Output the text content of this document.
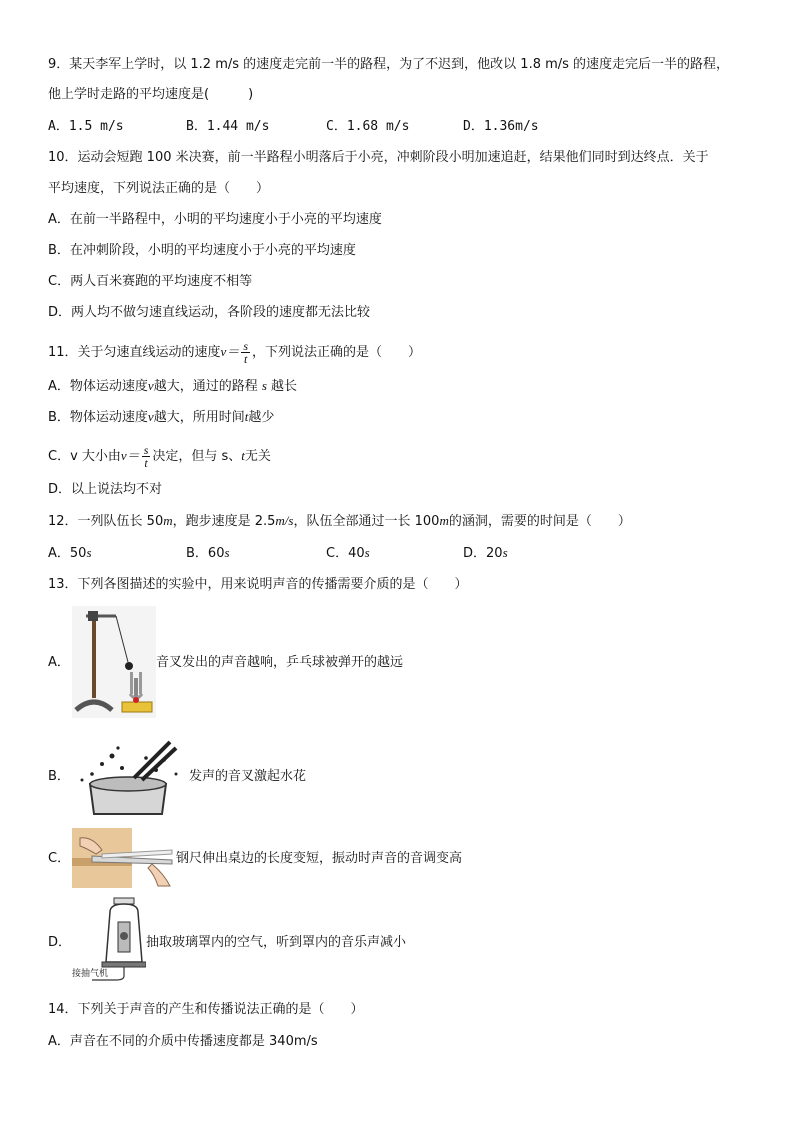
9．某天李军上学时，以 1.2 m/s 的速度走完前一半的路程，为了不迟到，他改以 1.8 m/s 的速度走完后一半的路程，
他上学时走路的平均速度是(　　　)
A．1.5 m/s	B．1.44 m/s	C．1.68 m/s	D．1.36m/s
10．运动会短跑 100 米决赛，前一半路程小明落后于小亮，冲刺阶段小明加速追赶，结果他们同时到达终点．关于
平均速度，下列说法正确的是（　　）
A．在前一半路程中，小明的平均速度小于小亮的平均速度
B．在冲刺阶段，小明的平均速度小于小亮的平均速度
C．两人百米赛跑的平均速度不相等
D．两人均不做匀速直线运动，各阶段的速度都无法比较
11．关于匀速直线运动的速度$v= \frac{s}{t}$ ，下列说法正确的是（　　）
A．物体运动速度v越大，通过的路程 s 越长
B．物体运动速度v越大，所用时间t越少
C．v 大小由$v= \frac{s}{t}$ 决定，但与 s、t无关
D．以上说法均不对
12．一列队伍长 50m，跑步速度是 2.5m/s，队伍全部通过一长 100m的涵洞，需要的时间是（　　）
A．50s	B．60s	C．40s	D．20s
13．下列各图描述的实验中，用来说明声音的传播需要介质的是（　　）
A．	音叉发出的声音越响，乒乓球被弹开的越远
B．	发声的音叉激起水花
C．	钢尺伸出桌边的长度变短，振动时声音的音调变高
D．
接抽气机
抽取玻璃罩内的空气，听到罩内的音乐声减小
14．下列关于声音的产生和传播说法正确的是（　　）
A．声音在不同的介质中传播速度都是 340m/s
